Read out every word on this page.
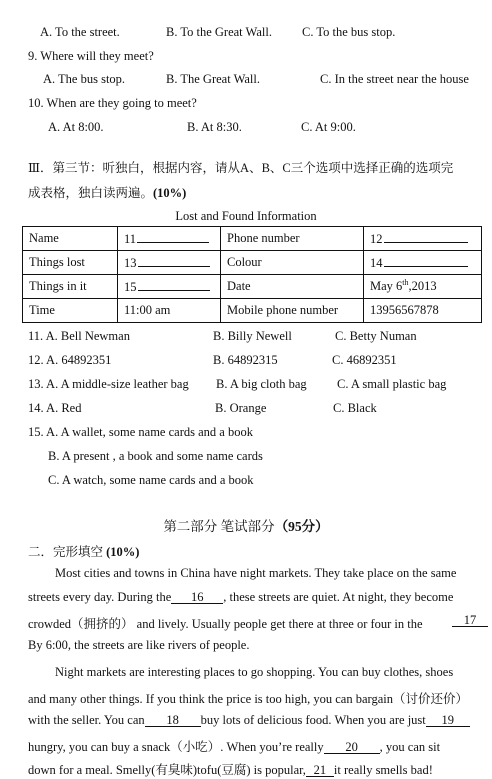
A. To the street.	B. To the Great Wall. C. To the bus stop.
9. Where will they meet?
A. The bus stop.	B. The Great Wall.	C. In the street near the house
10. When are they going to meet?
A. At 8:00.	B. At 8:30.	C. At 9:00.
Ⅲ．第三节：听独白，根据内容，请从A、B、C三个选项中选择正确的选项完
成表格，独白读两遍。(10%)
Lost and Found Information
Name	11	Phone number	12
Things lost	13	Colour	14
Things in it	15	Date	May 6th,2013
Time	11:00 am	Mobile phone number	13956567878
11. A. Bell Newman	B. Billy Newell	C. Betty Numan
12. A. 64892351	B. 64892315	C. 46892351
13. A. A middle-size leather bag B. A big cloth bag C. A small plastic bag
14. A. Red	B. Orange	C. Black
15. A. A wallet, some name cards and a book
B. A present , a book and some name cards
C. A watch, some name cards and a book
第二部分 笔试部分（95分）
二．完形填空 (10%)
Most cities and towns in China have night markets. They take place on the same
streets every day. During the 16 , these streets are quiet. At night, they become
crowded（拥挤的） and lively. Usually people get there at three or four in the	17
By 6:00, the streets are like rivers of people.
Night markets are interesting places to go shopping. You can buy clothes, shoes
and many other things. If you think the price is too high, you can bargain（讨价还价）
with the seller. You can 18 buy lots of delicious food. When you are just 19
hungry, you can buy a snack（小吃）. When you’re really 20 , you can sit
down for a meal. Smelly(有臭味)tofu(豆腐) is popular, 21 it really smells bad!
